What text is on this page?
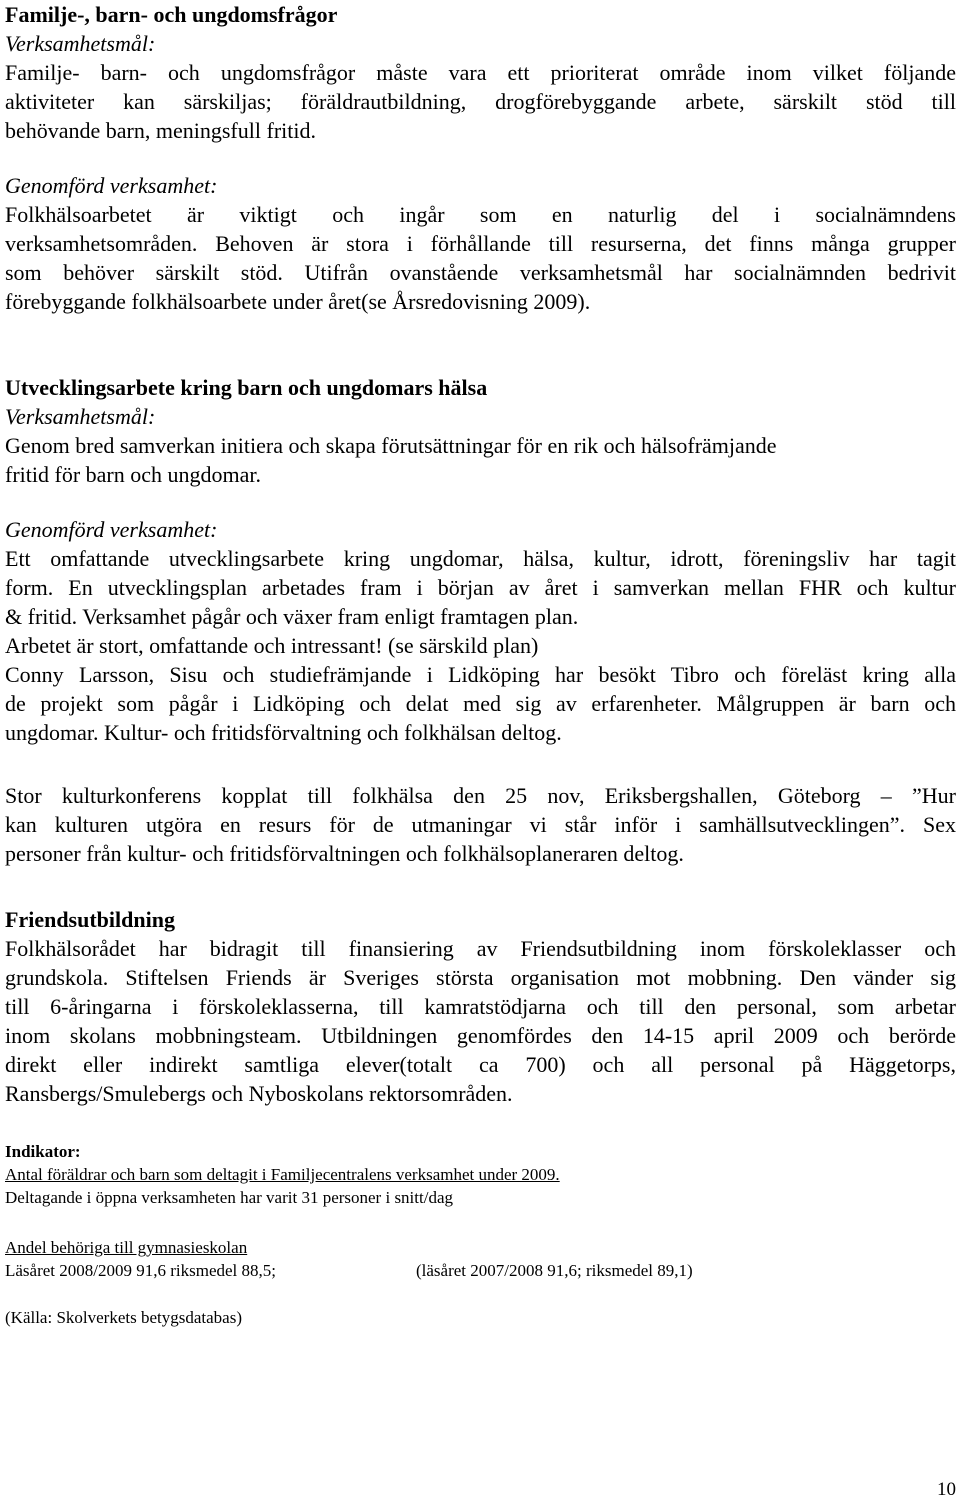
Familje-, barn- och ungdomsfrågor
Verksamhetsmål:
Familje- barn- och ungdomsfrågor måste vara ett prioriterat område inom vilket följande
aktiviteter kan särskiljas; föräldrautbildning, drogförebyggande arbete, särskilt stöd till
behövande barn, meningsfull fritid.
Genomförd verksamhet:
Folkhälsoarbetet är viktigt och ingår som en naturlig del i socialnämndens
verksamhetsområden. Behoven är stora i förhållande till resurserna, det finns många grupper
som behöver särskilt stöd. Utifrån ovanstående verksamhetsmål har socialnämnden bedrivit
förebyggande folkhälsoarbete under året(se Årsredovisning 2009).
Utvecklingsarbete kring barn och ungdomars hälsa
Verksamhetsmål:
Genom bred samverkan initiera och skapa förutsättningar för en rik och hälsofrämjande
fritid för barn och ungdomar.
Genomförd verksamhet:
Ett omfattande utvecklingsarbete kring ungdomar, hälsa, kultur, idrott, föreningsliv har tagit
form. En utvecklingsplan arbetades fram i början av året i samverkan mellan FHR och kultur
& fritid. Verksamhet pågår och växer fram enligt framtagen plan.
Arbetet är stort, omfattande och intressant! (se särskild plan)
Conny Larsson, Sisu och studiefrämjande i Lidköping har besökt Tibro och föreläst kring alla
de projekt som pågår i Lidköping och delat med sig av erfarenheter. Målgruppen är barn och
ungdomar. Kultur- och fritidsförvaltning och folkhälsan deltog.
Stor kulturkonferens kopplat till folkhälsa den 25 nov, Eriksbergshallen, Göteborg – ”Hur
kan kulturen utgöra en resurs för de utmaningar vi står inför i samhällsutvecklingen”. Sex
personer från kultur- och fritidsförvaltningen och folkhälsoplaneraren deltog.
Friendsutbildning
Folkhälsorådet har bidragit till finansiering av Friendsutbildning inom förskoleklasser och
grundskola. Stiftelsen Friends är Sveriges största organisation mot mobbning. Den vänder sig
till 6-åringarna i förskoleklasserna, till kamratstödjarna och till den personal, som arbetar
inom skolans mobbningsteam. Utbildningen genomfördes den 14-15 april 2009 och berörde
direkt eller indirekt samtliga elever(totalt ca 700) och all personal på Häggetorps,
Ransbergs/Smulebergs och Nyboskolans rektorsområden.
Indikator:
Antal föräldrar och barn som deltagit i Familjecentralens verksamhet under 2009.
Deltagande i öppna verksamheten har varit 31 personer i snitt/dag
Andel behöriga till gymnasieskolan
Läsåret 2008/2009 91,6 riksmedel 88,5;	(läsåret 2007/2008 91,6; riksmedel 89,1)
(Källa: Skolverkets betygsdatabas)
10
